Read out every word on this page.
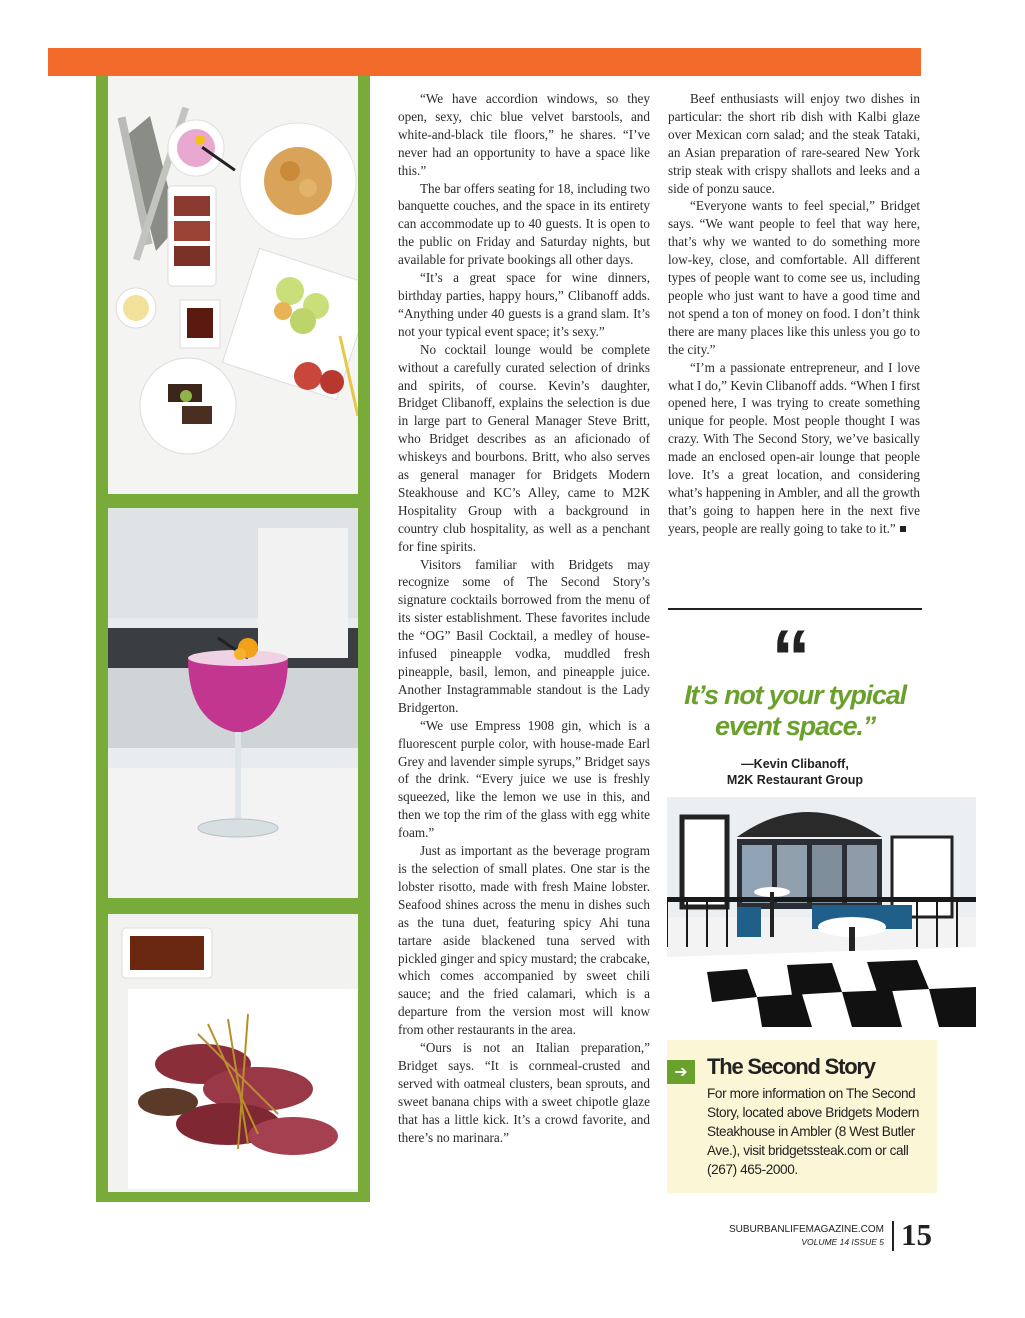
“We have accordion windows, so they open, sexy, chic blue velvet barstools, and white-and-black tile floors,” he shares. “I’ve never had an opportunity to have a space like this.”

The bar offers seating for 18, including two banquette couches, and the space in its entirety can accommodate up to 40 guests. It is open to the public on Friday and Saturday nights, but available for private bookings all other days.

“It’s a great space for wine dinners, birthday parties, happy hours,” Clibanoff adds. “Anything under 40 guests is a grand slam. It’s not your typical event space; it’s sexy.”

No cocktail lounge would be complete without a carefully curated selection of drinks and spirits, of course. Kevin’s daughter, Bridget Clibanoff, explains the selection is due in large part to General Manager Steve Britt, who Bridget describes as an aficionado of whiskeys and bourbons. Britt, who also serves as general manager for Bridgets Modern Steakhouse and KC’s Alley, came to M2K Hospitality Group with a background in country club hospitality, as well as a penchant for fine spirits.

Visitors familiar with Bridgets may recognize some of The Second Story’s signature cocktails borrowed from the menu of its sister establishment. These favorites include the “OG” Basil Cocktail, a medley of house-infused pineapple vodka, muddled fresh pineapple, basil, lemon, and pineapple juice. Another Instagrammable standout is the Lady Bridgerton.

“We use Empress 1908 gin, which is a fluorescent purple color, with house-made Earl Grey and lavender simple syrups,” Bridget says of the drink. “Every juice we use is freshly squeezed, like the lemon we use in this, and then we top the rim of the glass with egg white foam.”

Just as important as the beverage program is the selection of small plates. One star is the lobster risotto, made with fresh Maine lobster. Seafood shines across the menu in dishes such as the tuna duet, featuring spicy Ahi tuna tartare aside blackened tuna served with pickled ginger and spicy mustard; the crabcake, which comes accompanied by sweet chili sauce; and the fried calamari, which is a departure from the version most will know from other restaurants in the area.

“Ours is not an Italian preparation,” Bridget says. “It is cornmeal-crusted and served with oatmeal clusters, bean sprouts, and sweet banana chips with a sweet chipotle glaze that has a little kick. It’s a crowd favorite, and there’s no marinara.”

Beef enthusiasts will enjoy two dishes in particular: the short rib dish with Kalbi glaze over Mexican corn salad; and the steak Tataki, an Asian preparation of rare-seared New York strip steak with crispy shallots and leeks and a side of ponzu sauce.

“Everyone wants to feel special,” Bridget says. “We want people to feel that way here, that’s why we wanted to do something more low-key, close, and comfortable. All different types of people want to come see us, including people who just want to have a good time and not spend a ton of money on food. I don’t think there are many places like this unless you go to the city.”

“I’m a passionate entrepreneur, and I love what I do,” Kevin Clibanoff adds. “When I first opened here, I was trying to create something unique for people. Most people thought I was crazy. With The Second Story, we’ve basically made an enclosed open-air lounge that people love. It’s a great location, and considering what’s happening in Ambler, and all the growth that’s going to happen here in the next five years, people are really going to take to it.”

“
It’s not your typical event space.”
—Kevin Clibanoff,
M2K Restaurant Group
➔ The Second Story
For more information on The Second Story, located above Bridgets Modern Steakhouse in Ambler (8 West Butler Ave.), visit bridgetssteak.com or call (267) 465-2000.
SUBURBANLIFEMAGAZINE.COM
VOLUME 14 ISSUE 5 15
